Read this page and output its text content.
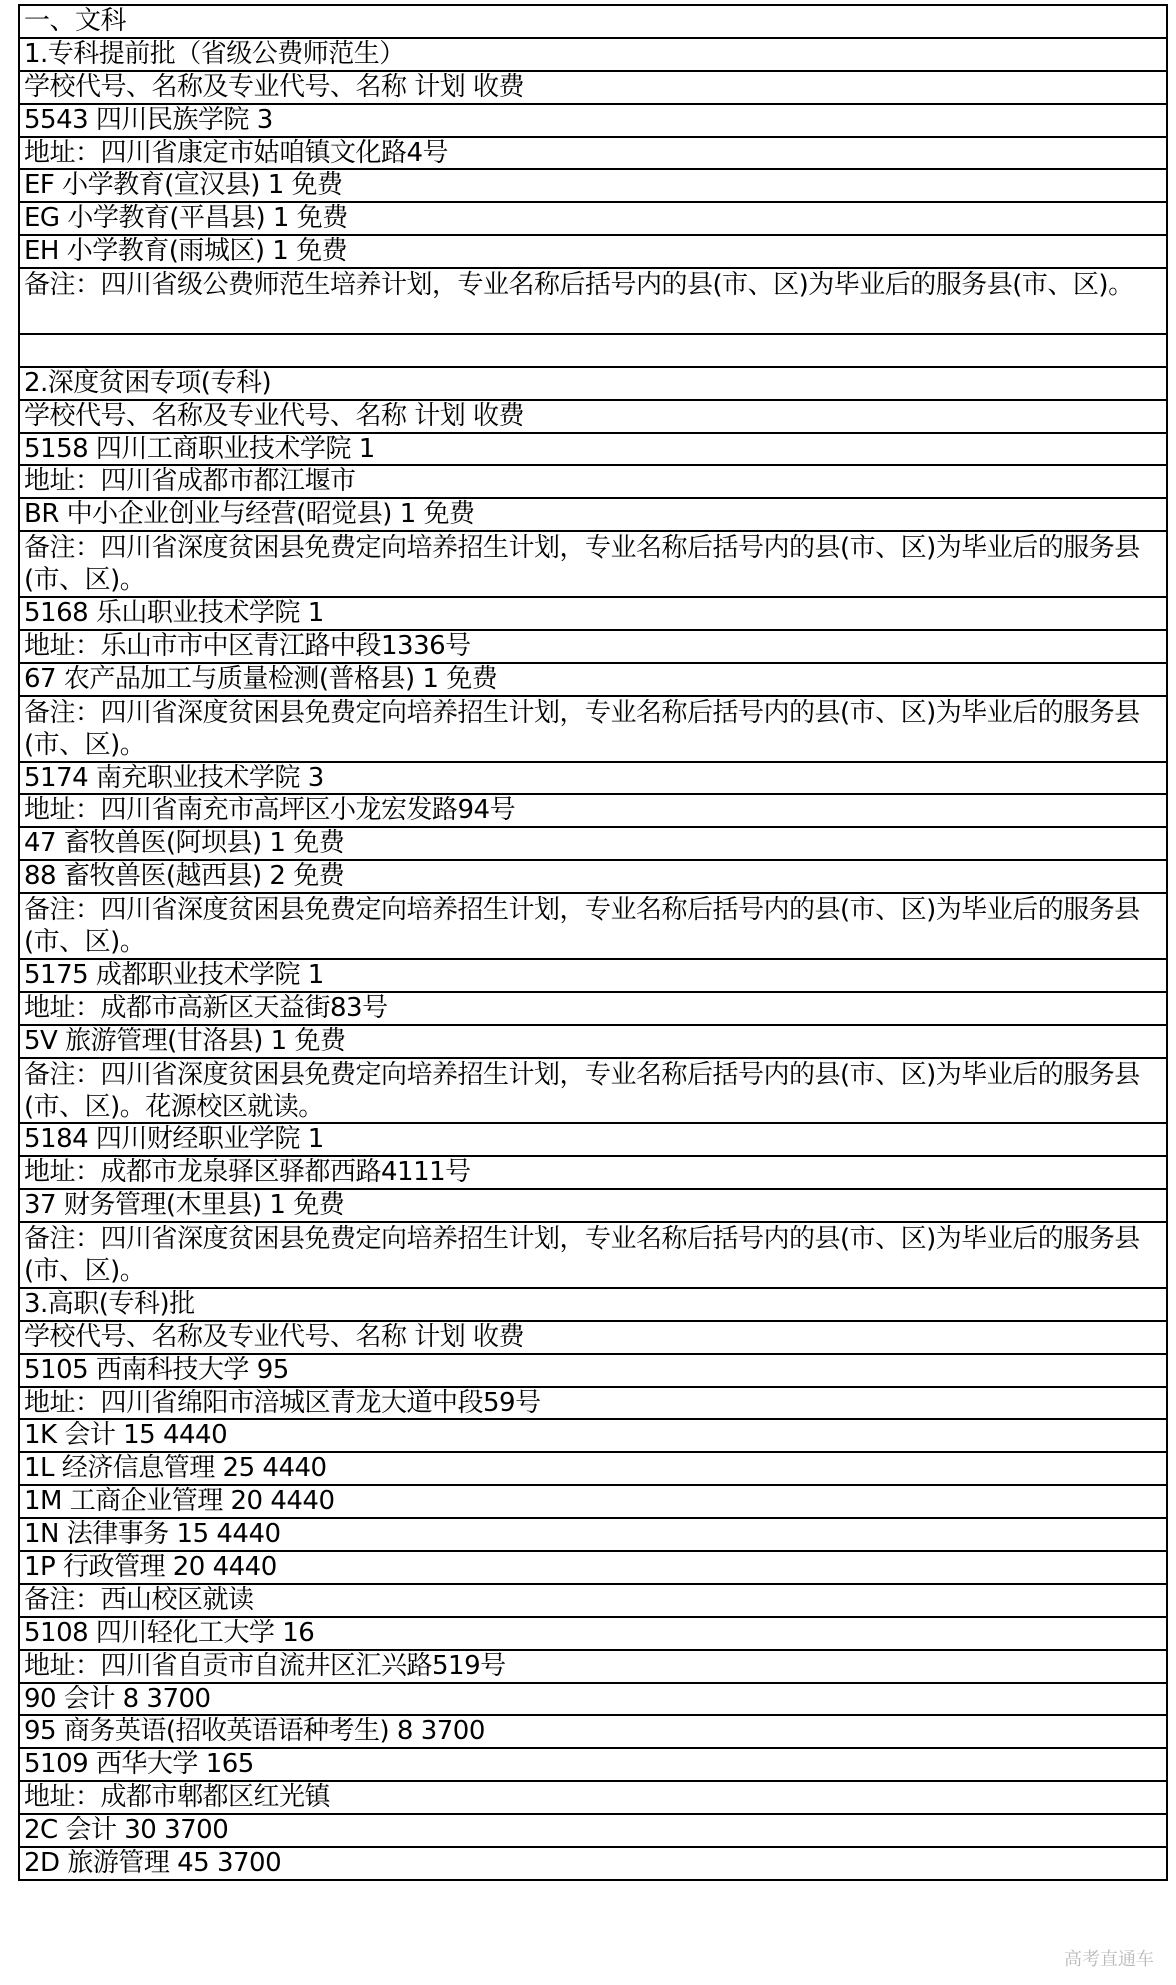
一、文科
1.专科提前批（省级公费师范生）
学校代号、名称及专业代号、名称 计划 收费
5543 四川民族学院 3
地址：四川省康定市姑咱镇文化路4号
EF 小学教育(宣汉县) 1 免费
EG 小学教育(平昌县) 1 免费
EH 小学教育(雨城区) 1 免费
备注：四川省级公费师范生培养计划，专业名称后括号内的县(市、区)为毕业后的服务县(市、区)。
2.深度贫困专项(专科)
学校代号、名称及专业代号、名称 计划 收费
5158 四川工商职业技术学院 1
地址：四川省成都市都江堰市
BR 中小企业创业与经营(昭觉县) 1 免费
备注：四川省深度贫困县免费定向培养招生计划，专业名称后括号内的县(市、区)为毕业后的服务县(市、区)。
5168 乐山职业技术学院 1
地址：乐山市市中区青江路中段1336号
67 农产品加工与质量检测(普格县) 1 免费
备注：四川省深度贫困县免费定向培养招生计划，专业名称后括号内的县(市、区)为毕业后的服务县(市、区)。
5174 南充职业技术学院 3
地址：四川省南充市高坪区小龙宏发路94号
47 畜牧兽医(阿坝县) 1 免费
88 畜牧兽医(越西县) 2 免费
备注：四川省深度贫困县免费定向培养招生计划，专业名称后括号内的县(市、区)为毕业后的服务县(市、区)。
5175 成都职业技术学院 1
地址：成都市高新区天益街83号
5V 旅游管理(甘洛县) 1 免费
备注：四川省深度贫困县免费定向培养招生计划，专业名称后括号内的县(市、区)为毕业后的服务县(市、区)。花源校区就读。
5184 四川财经职业学院 1
地址：成都市龙泉驿区驿都西路4111号
37 财务管理(木里县) 1 免费
备注：四川省深度贫困县免费定向培养招生计划，专业名称后括号内的县(市、区)为毕业后的服务县(市、区)。
3.高职(专科)批
学校代号、名称及专业代号、名称 计划 收费
5105 西南科技大学 95
地址：四川省绵阳市涪城区青龙大道中段59号
1K 会计 15 4440
1L 经济信息管理 25 4440
1M 工商企业管理 20 4440
1N 法律事务 15 4440
1P 行政管理 20 4440
备注：西山校区就读
5108 四川轻化工大学 16
地址：四川省自贡市自流井区汇兴路519号
90 会计 8 3700
95 商务英语(招收英语语种考生) 8 3700
5109 西华大学 165
地址：成都市郫都区红光镇
2C 会计 30 3700
2D 旅游管理 45 3700
高考直通车
